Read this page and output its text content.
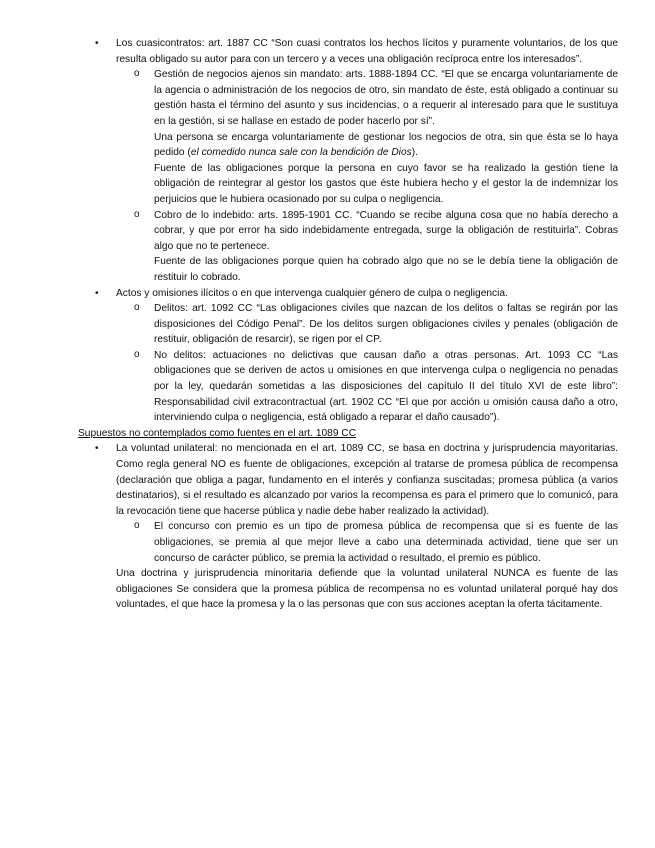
• Los cuasicontratos: art. 1887 CC “Son cuasi contratos los hechos lícitos y puramente voluntarios, de los que resulta obligado su autor para con un tercero y a veces una obligación recíproca entre los interesados”.

o Gestión de negocios ajenos sin mandato: arts. 1888-1894 CC. “El que se encarga voluntariamente de la agencia o administración de los negocios de otro, sin mandato de éste, está obligado a continuar su gestión hasta el término del asunto y sus incidencias, o a requerir al interesado para que le sustituya en la gestión, si se hallase en estado de poder hacerlo por sí”.

Una persona se encarga voluntariamente de gestionar los negocios de otra, sin que ésta se lo haya pedido (el comedido nunca sale con la bendición de Dios).

Fuente de las obligaciones porque la persona en cuyo favor se ha realizado la gestión tiene la obligación de reintegrar al gestor los gastos que éste hubiera hecho y el gestor la de indemnizar los perjuicios que le hubiera ocasionado por su culpa o negligencia.

o Cobro de lo indebido: arts. 1895-1901 CC. “Cuando se recibe alguna cosa que no había derecho a cobrar, y que por error ha sido indebidamente entregada, surge la obligación de restituirla”. Cobras algo que no te pertenece.

Fuente de las obligaciones porque quien ha cobrado algo que no se le debía tiene la obligación de restituir lo cobrado.

• Actos y omisiones ilícitos o en que intervenga cualquier género de culpa o negligencia.

o Delitos: art. 1092 CC “Las obligaciones civiles que nazcan de los delitos o faltas se regirán por las disposiciones del Código Penal”. De los delitos surgen obligaciones civiles y penales (obligación de restituir, obligación de resarcir), se rigen por el CP.

o No delitos: actuaciones no delictivas que causan daño a otras personas. Art. 1093 CC “Las obligaciones que se deriven de actos u omisiones en que intervenga culpa o negligencia no penadas por la ley, quedarán sometidas a las disposiciones del capítulo II del título XVI de este libro”: Responsabilidad civil extracontractual (art. 1902 CC “El que por acción u omisión causa daño a otro, interviniendo culpa o negligencia, está obligado a reparar el daño causado”).

Supuestos no contemplados como fuentes en el art. 1089 CC

• La voluntad unilateral: no mencionada en el art. 1089 CC, se basa en doctrina y jurisprudencia mayoritarias. Como regla general NO es fuente de obligaciones, excepción al tratarse de promesa pública de recompensa (declaración que obliga a pagar, fundamento en el interés y confianza suscitadas; promesa pública (a varios destinatarios), si el resultado es alcanzado por varios la recompensa es para el primero que lo comunicó, para la revocación tiene que hacerse pública y nadie debe haber realizado la actividad).

o El concurso con premio es un tipo de promesa pública de recompensa que sí es fuente de las obligaciones, se premia al que mejor lleve a cabo una determinada actividad, tiene que ser un concurso de carácter público, se premia la actividad o resultado, el premio es público.

Una doctrina y jurisprudencia minoritaria defiende que la voluntad unilateral NUNCA es fuente de las obligaciones Se considera que la promesa pública de recompensa no es voluntad unilateral porqué hay dos voluntades, el que hace la promesa y la o las personas que con sus acciones aceptan la oferta tácitamente.
